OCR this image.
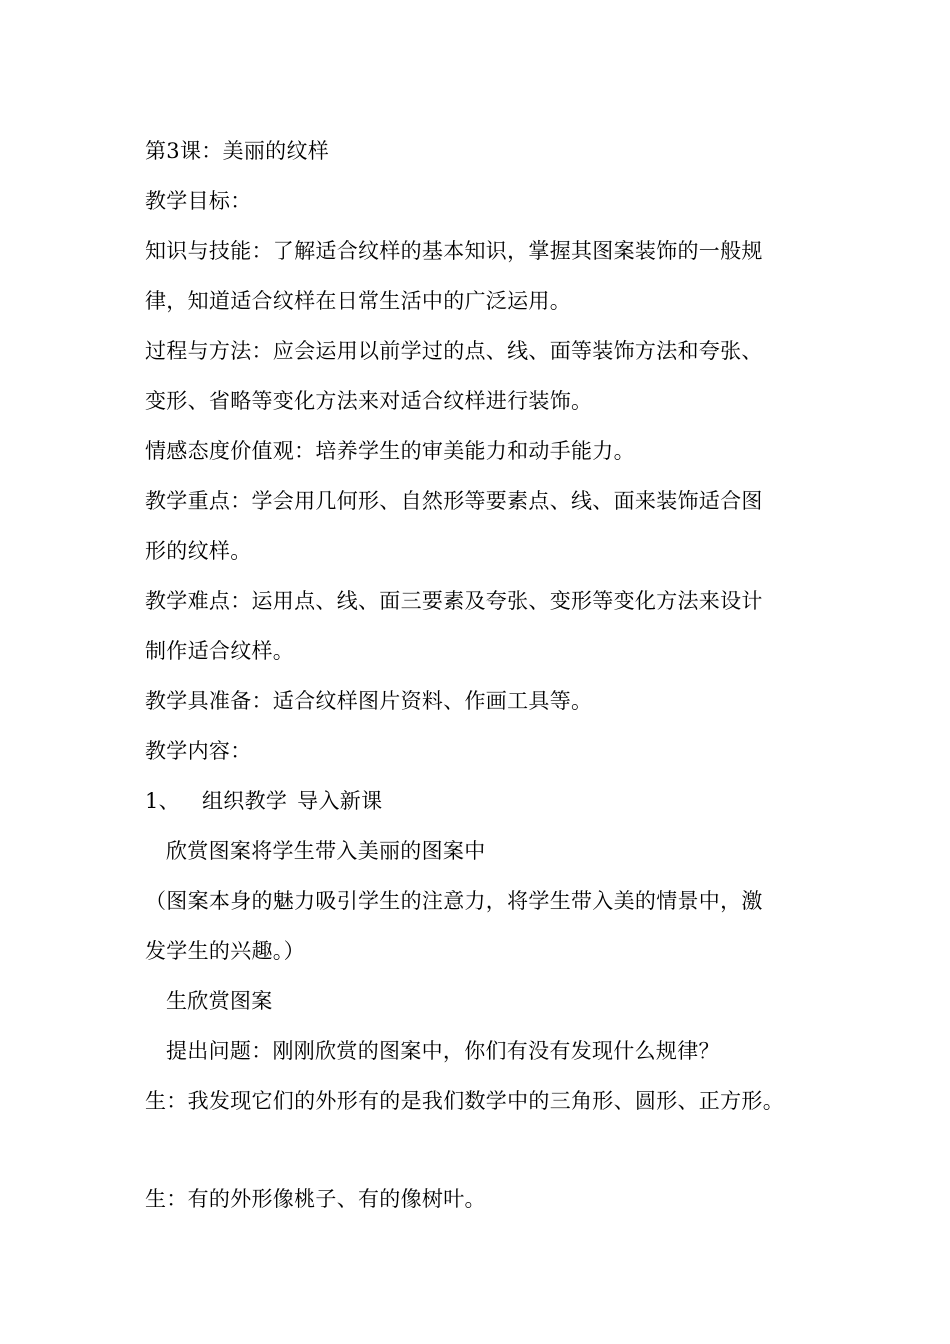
第3课：美丽的纹样
教学目标：
知识与技能：了解适合纹样的基本知识，掌握其图案装饰的一般规
律，知道适合纹样在日常生活中的广泛运用。
过程与方法：应会运用以前学过的点、线、面等装饰方法和夸张、
变形、省略等变化方法来对适合纹样进行装饰。
情感态度价值观：培养学生的审美能力和动手能力。
教学重点：学会用几何形、自然形等要素点、线、面来装饰适合图
形的纹样。
教学难点：运用点、线、面三要素及夸张、变形等变化方法来设计
制作适合纹样。
教学具准备：适合纹样图片资料、作画工具等。
教学内容：
1、 组织教学 导入新课
欣赏图案将学生带入美丽的图案中
（图案本身的魅力吸引学生的注意力，将学生带入美的情景中，激
发学生的兴趣。）
生欣赏图案
提出问题：刚刚欣赏的图案中，你们有没有发现什么规律？
生：我发现它们的外形有的是我们数学中的三角形、圆形、正方形。
生：有的外形像桃子、有的像树叶。
